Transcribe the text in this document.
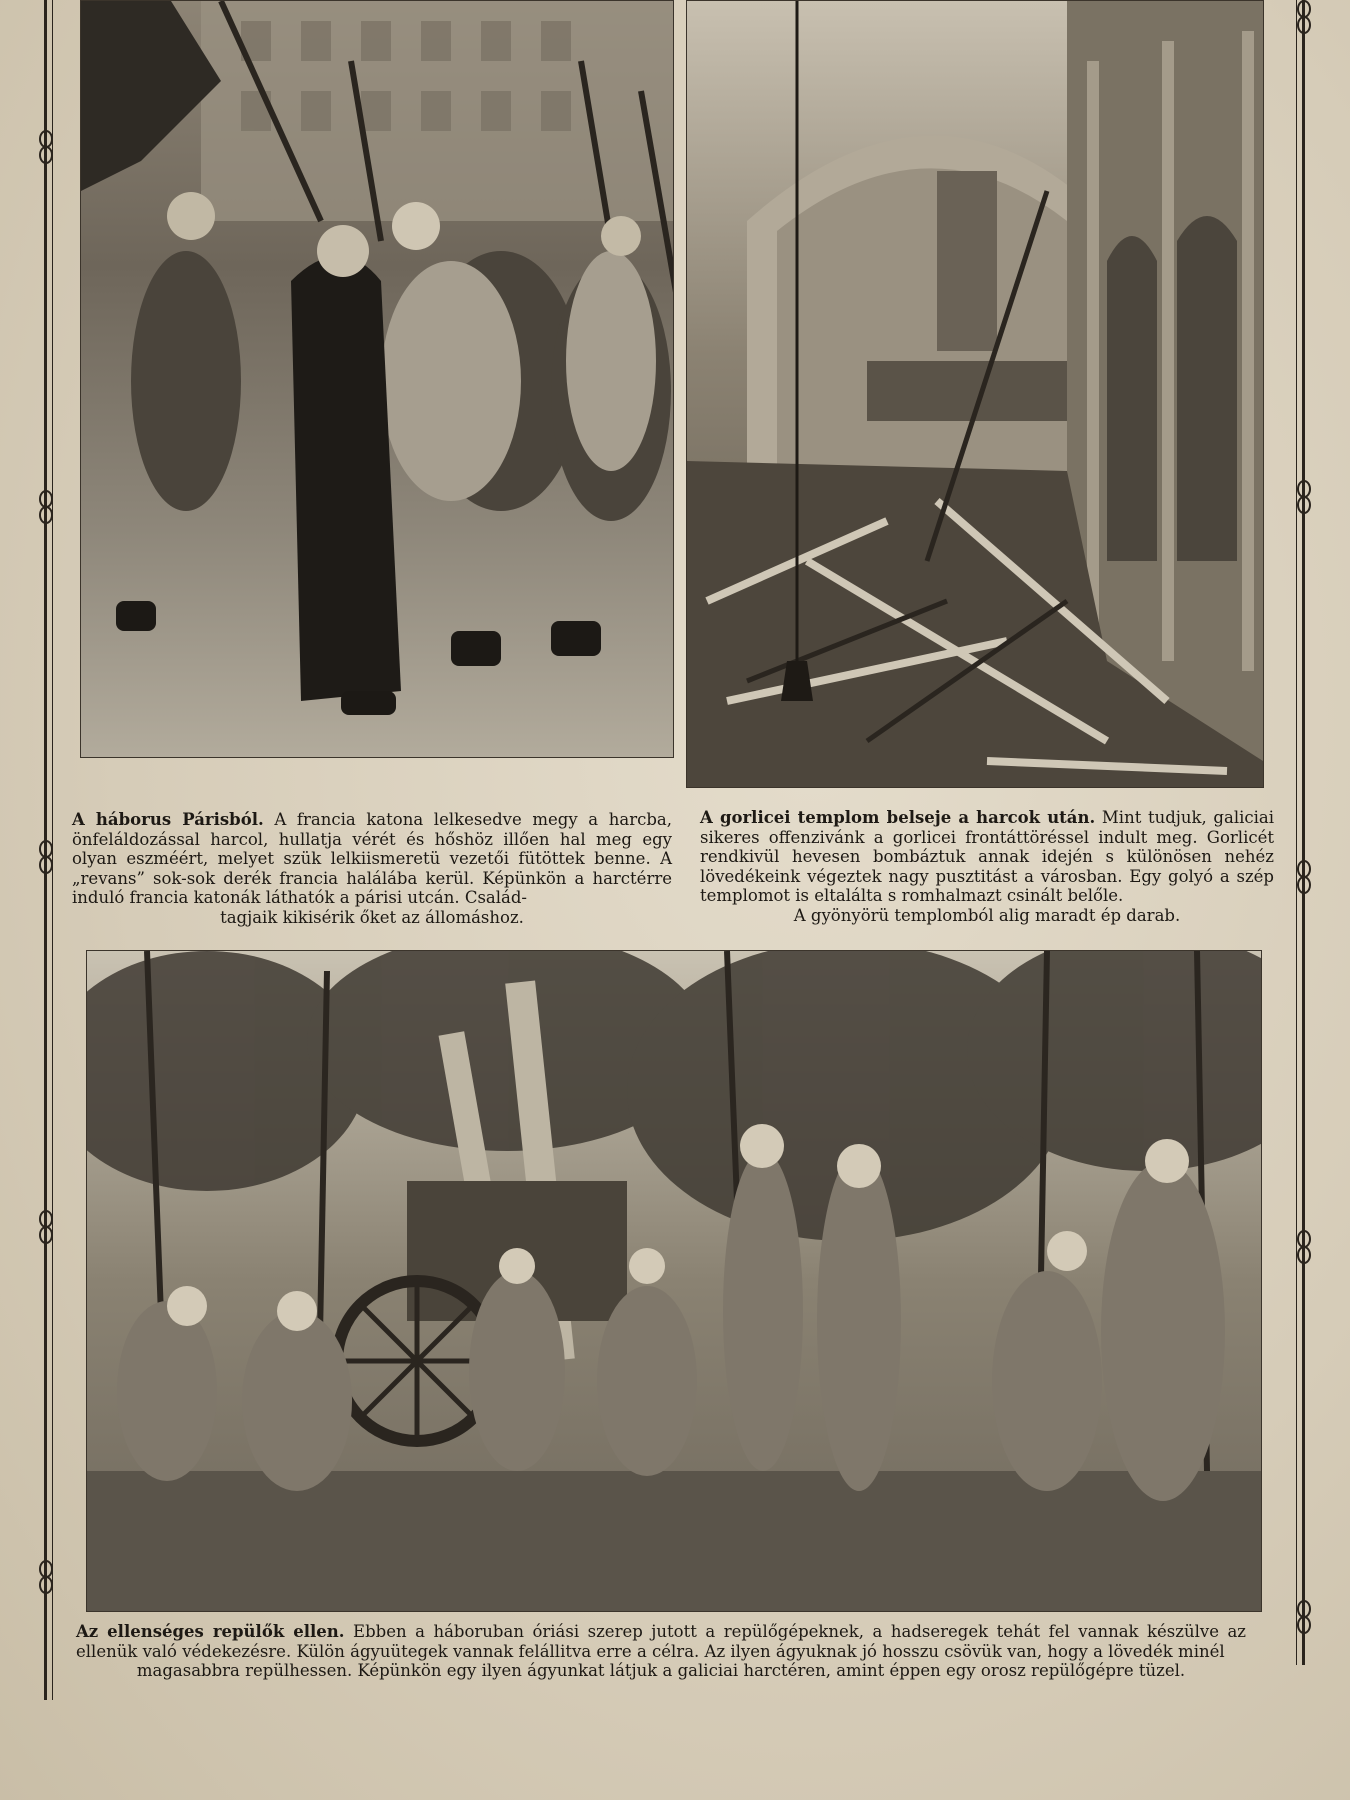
A háborus Párisból. A francia katona lelkesedve megy a harcba, önfeláldozással harcol, hullatja vérét és hőshöz illően hal meg egy olyan eszméért, melyet szük lelkiismeretü vezetői fütöttek benne. A „revans” sok-sok derék francia halálába kerül. Képünkön a harctérre induló francia katonák láthatók a párisi utcán. Család-
tagjaik kikisérik őket az állomáshoz.
A gorlicei templom belseje a harcok után. Mint tudjuk, galiciai sikeres offenzivánk a gorlicei frontáttöréssel indult meg. Gorlicét rendkivül hevesen bombáztuk annak idején s különösen nehéz lövedékeink végeztek nagy pusztitást a városban. Egy golyó a szép templomot is eltalálta s romhalmazt csinált belőle.
A gyönyörü templomból alig maradt ép darab.
Az ellenséges repülők ellen. Ebben a háboruban óriási szerep jutott a repülőgépeknek, a hadseregek tehát fel vannak készülve az ellenük való védekezésre. Külön ágyuütegek vannak felállitva erre a célra. Az ilyen ágyuknak jó hosszu csövük van, hogy a lövedék minél
magasabbra repülhessen. Képünkön egy ilyen ágyunkat látjuk a galiciai harctéren, amint éppen egy orosz repülőgépre tüzel.
